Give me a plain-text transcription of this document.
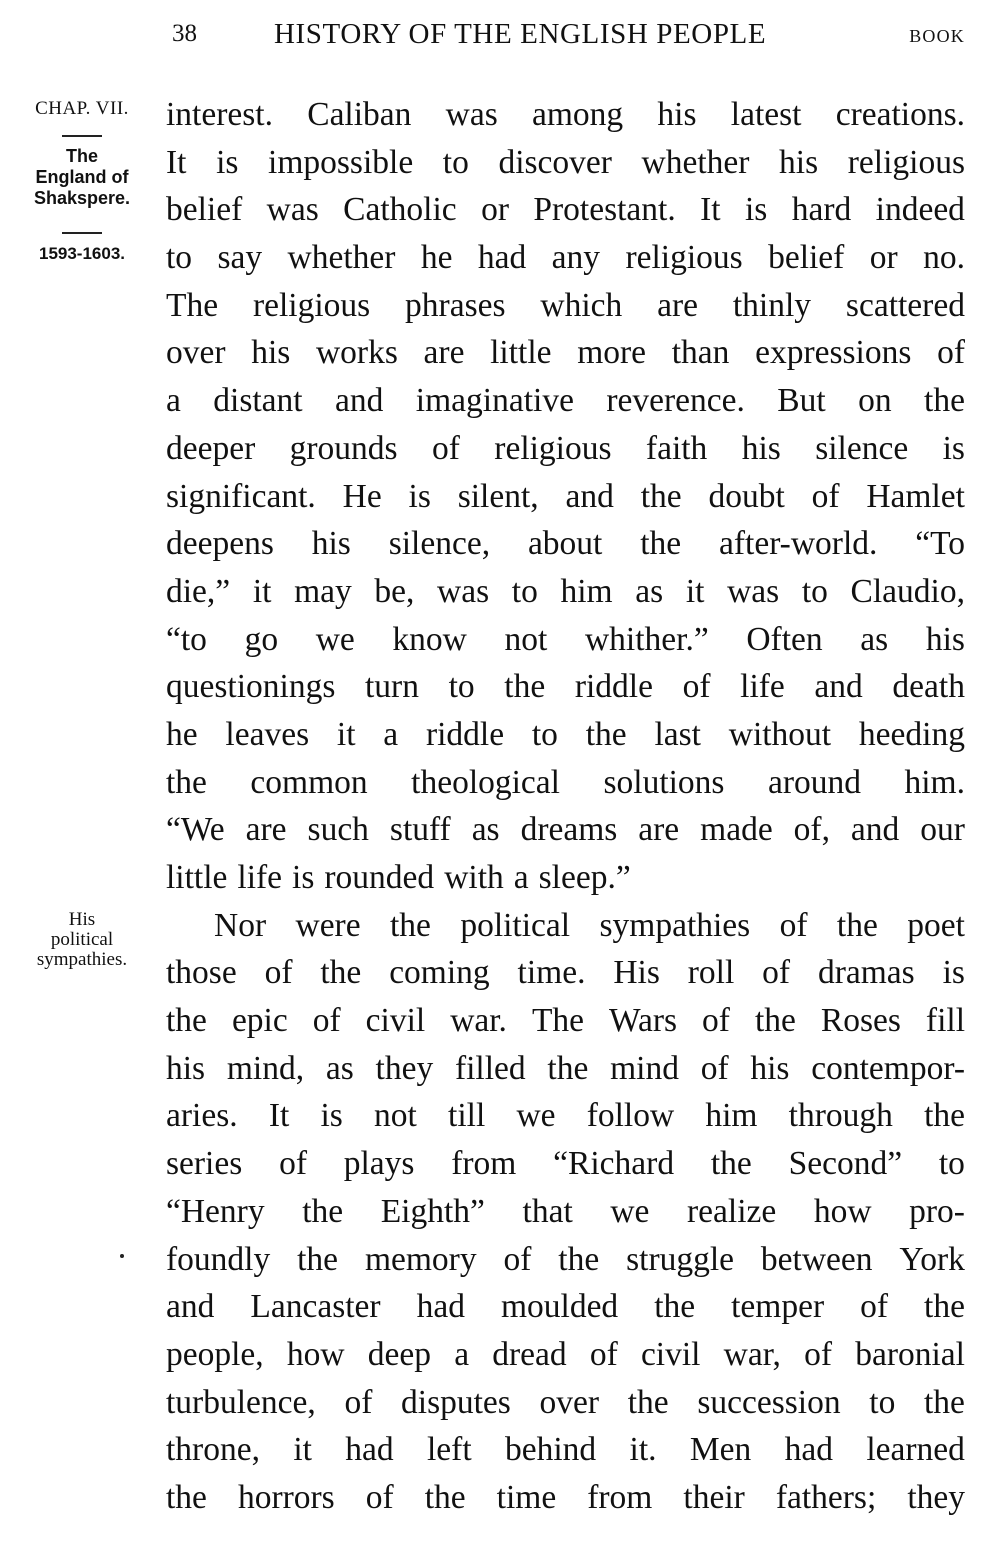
38	HISTORY OF THE ENGLISH PEOPLE	BOOK
CHAP. VII.
The
England of
Shakspere.
1593-1603.
His
political
sympathies.
interest. Caliban was among his latest creations.
It is impossible to discover whether his religious
belief was Catholic or Protestant. It is hard indeed
to say whether he had any religious belief or no.
The religious phrases which are thinly scattered
over his works are little more than expressions of
a distant and imaginative reverence. But on the
deeper grounds of religious faith his silence is
significant. He is silent, and the doubt of Hamlet
deepens his silence, about the after-world. “To
die,” it may be, was to him as it was to Claudio,
“to go we know not whither.” Often as his
questionings turn to the riddle of life and death
he leaves it a riddle to the last without heeding
the common theological solutions around him.
“We are such stuff as dreams are made of, and our
little life is rounded with a sleep.”
Nor were the political sympathies of the poet
those of the coming time. His roll of dramas is
the epic of civil war. The Wars of the Roses fill
his mind, as they filled the mind of his contempor-
aries. It is not till we follow him through the
series of plays from “Richard the Second” to
“Henry the Eighth” that we realize how pro-
foundly the memory of the struggle between York
and Lancaster had moulded the temper of the
people, how deep a dread of civil war, of baronial
turbulence, of disputes over the succession to the
throne, it had left behind it. Men had learned
the horrors of the time from their fathers; they
